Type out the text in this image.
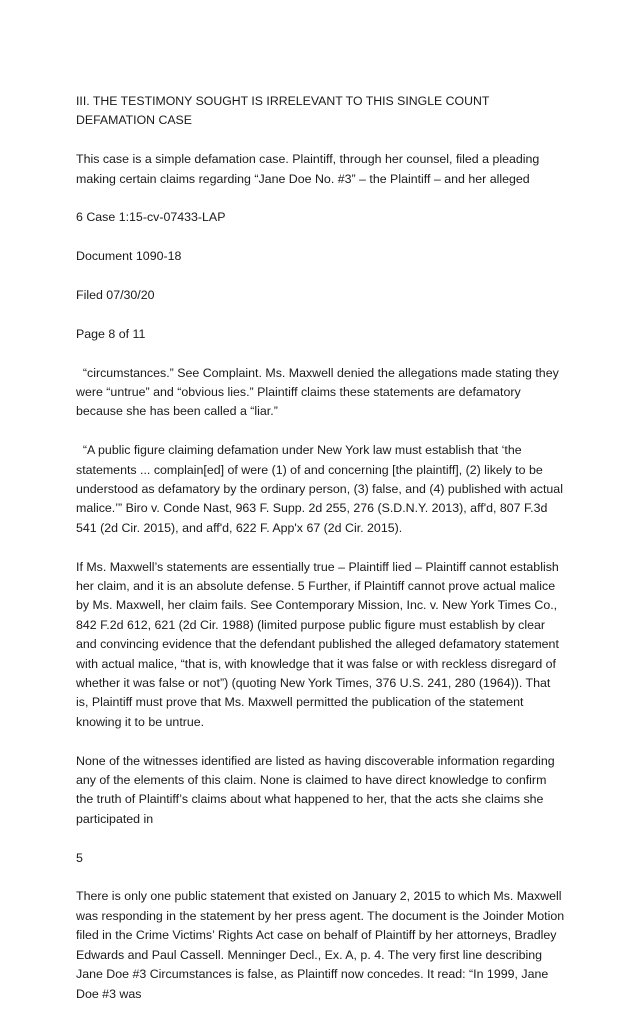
III. THE TESTIMONY SOUGHT IS IRRELEVANT TO THIS SINGLE COUNT DEFAMATION CASE

This case is a simple defamation case. Plaintiff, through her counsel, filed a pleading making certain claims regarding “Jane Doe No. #3” – the Plaintiff – and her alleged

6 Case 1:15-cv-07433-LAP

Document 1090-18

Filed 07/30/20

Page 8 of 11

“circumstances.” See Complaint. Ms. Maxwell denied the allegations made stating they were “untrue” and “obvious lies.” Plaintiff claims these statements are defamatory because she has been called a “liar.”

“A public figure claiming defamation under New York law must establish that ‘the statements ... complain[ed] of were (1) of and concerning [the plaintiff], (2) likely to be understood as defamatory by the ordinary person, (3) false, and (4) published with actual malice.’” Biro v. Conde Nast, 963 F. Supp. 2d 255, 276 (S.D.N.Y. 2013), aff'd, 807 F.3d 541 (2d Cir. 2015), and aff'd, 622 F. App'x 67 (2d Cir. 2015).

If Ms. Maxwell’s statements are essentially true – Plaintiff lied – Plaintiff cannot establish her claim, and it is an absolute defense. 5 Further, if Plaintiff cannot prove actual malice by Ms. Maxwell, her claim fails. See Contemporary Mission, Inc. v. New York Times Co., 842 F.2d 612, 621 (2d Cir. 1988) (limited purpose public figure must establish by clear and convincing evidence that the defendant published the alleged defamatory statement with actual malice, “that is, with knowledge that it was false or with reckless disregard of whether it was false or not”) (quoting New York Times, 376 U.S. 241, 280 (1964)). That is, Plaintiff must prove that Ms. Maxwell permitted the publication of the statement knowing it to be untrue.

None of the witnesses identified are listed as having discoverable information regarding any of the elements of this claim. None is claimed to have direct knowledge to confirm the truth of Plaintiff’s claims about what happened to her, that the acts she claims she participated in

5

There is only one public statement that existed on January 2, 2015 to which Ms. Maxwell was responding in the statement by her press agent. The document is the Joinder Motion filed in the Crime Victims’ Rights Act case on behalf of Plaintiff by her attorneys, Bradley Edwards and Paul Cassell. Menninger Decl., Ex. A, p. 4. The very first line describing Jane Doe #3 Circumstances is false, as Plaintiff now concedes. It read: “In 1999, Jane Doe #3 was
